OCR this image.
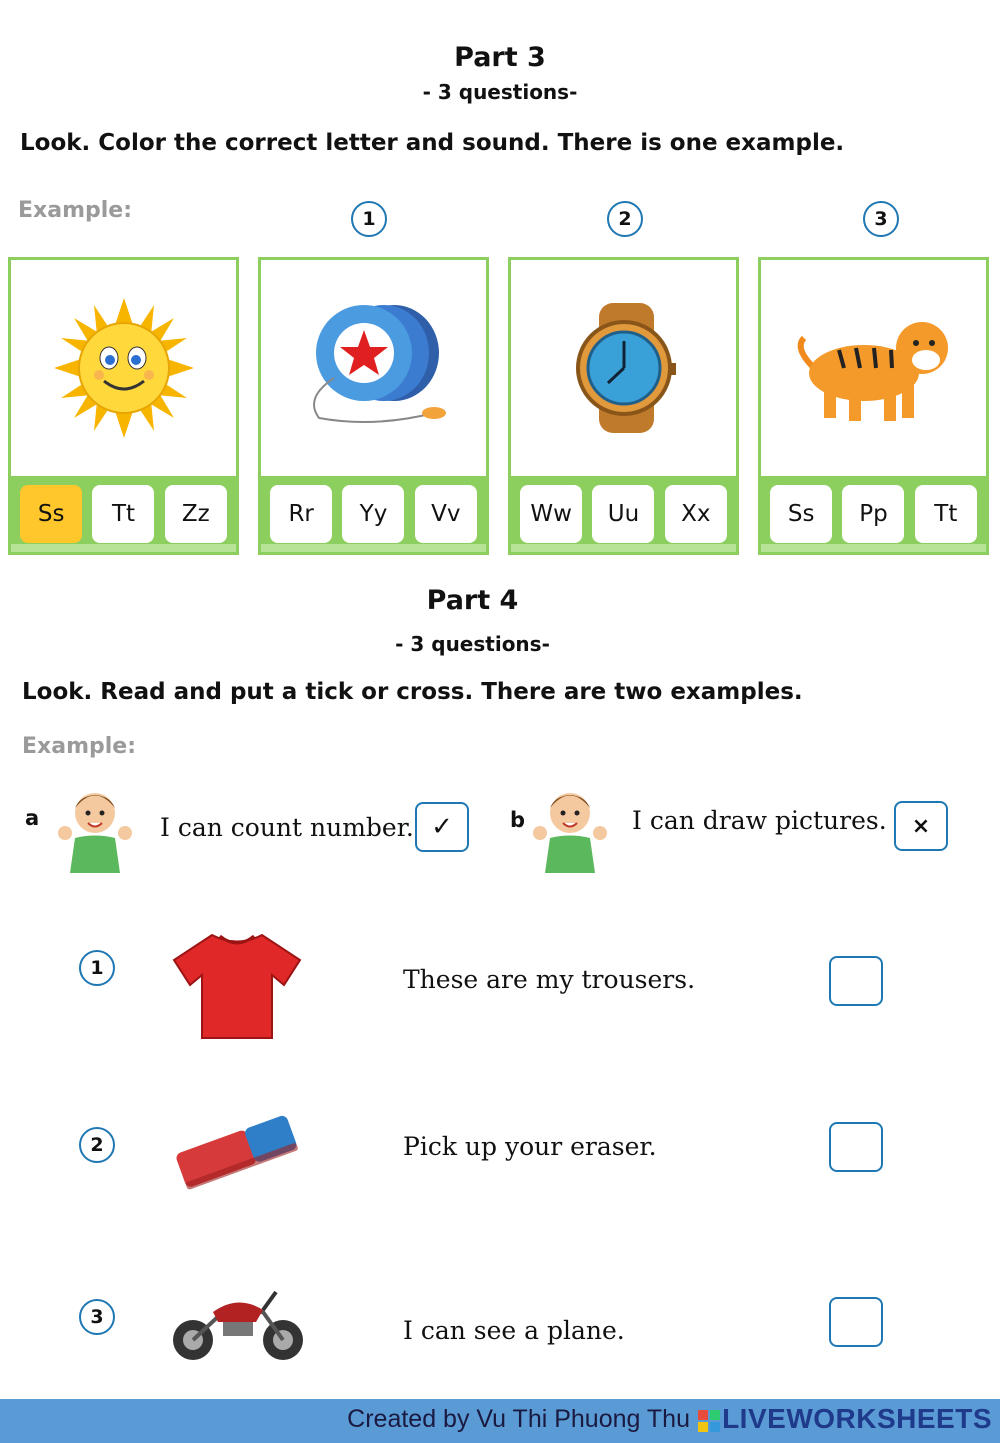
Part 3
- 3 questions-
Look. Color the correct letter and sound. There is one example.
Example:	1	2	3
Ss	Tt	Zz	Rr	Yy	Vv	Ww	Uu	Xx	Ss	Pp	Tt
Part 4
- 3 questions-
Look. Read and put a tick or cross. There are two examples.
Example:
a	I can count number. ✓	b	I can draw pictures.	×
1	These are my trousers.
2	Pick up your eraser.
3	I can see a plane.
Created by Vu Thi Phuong Thu LIVEWORKSHEETS
